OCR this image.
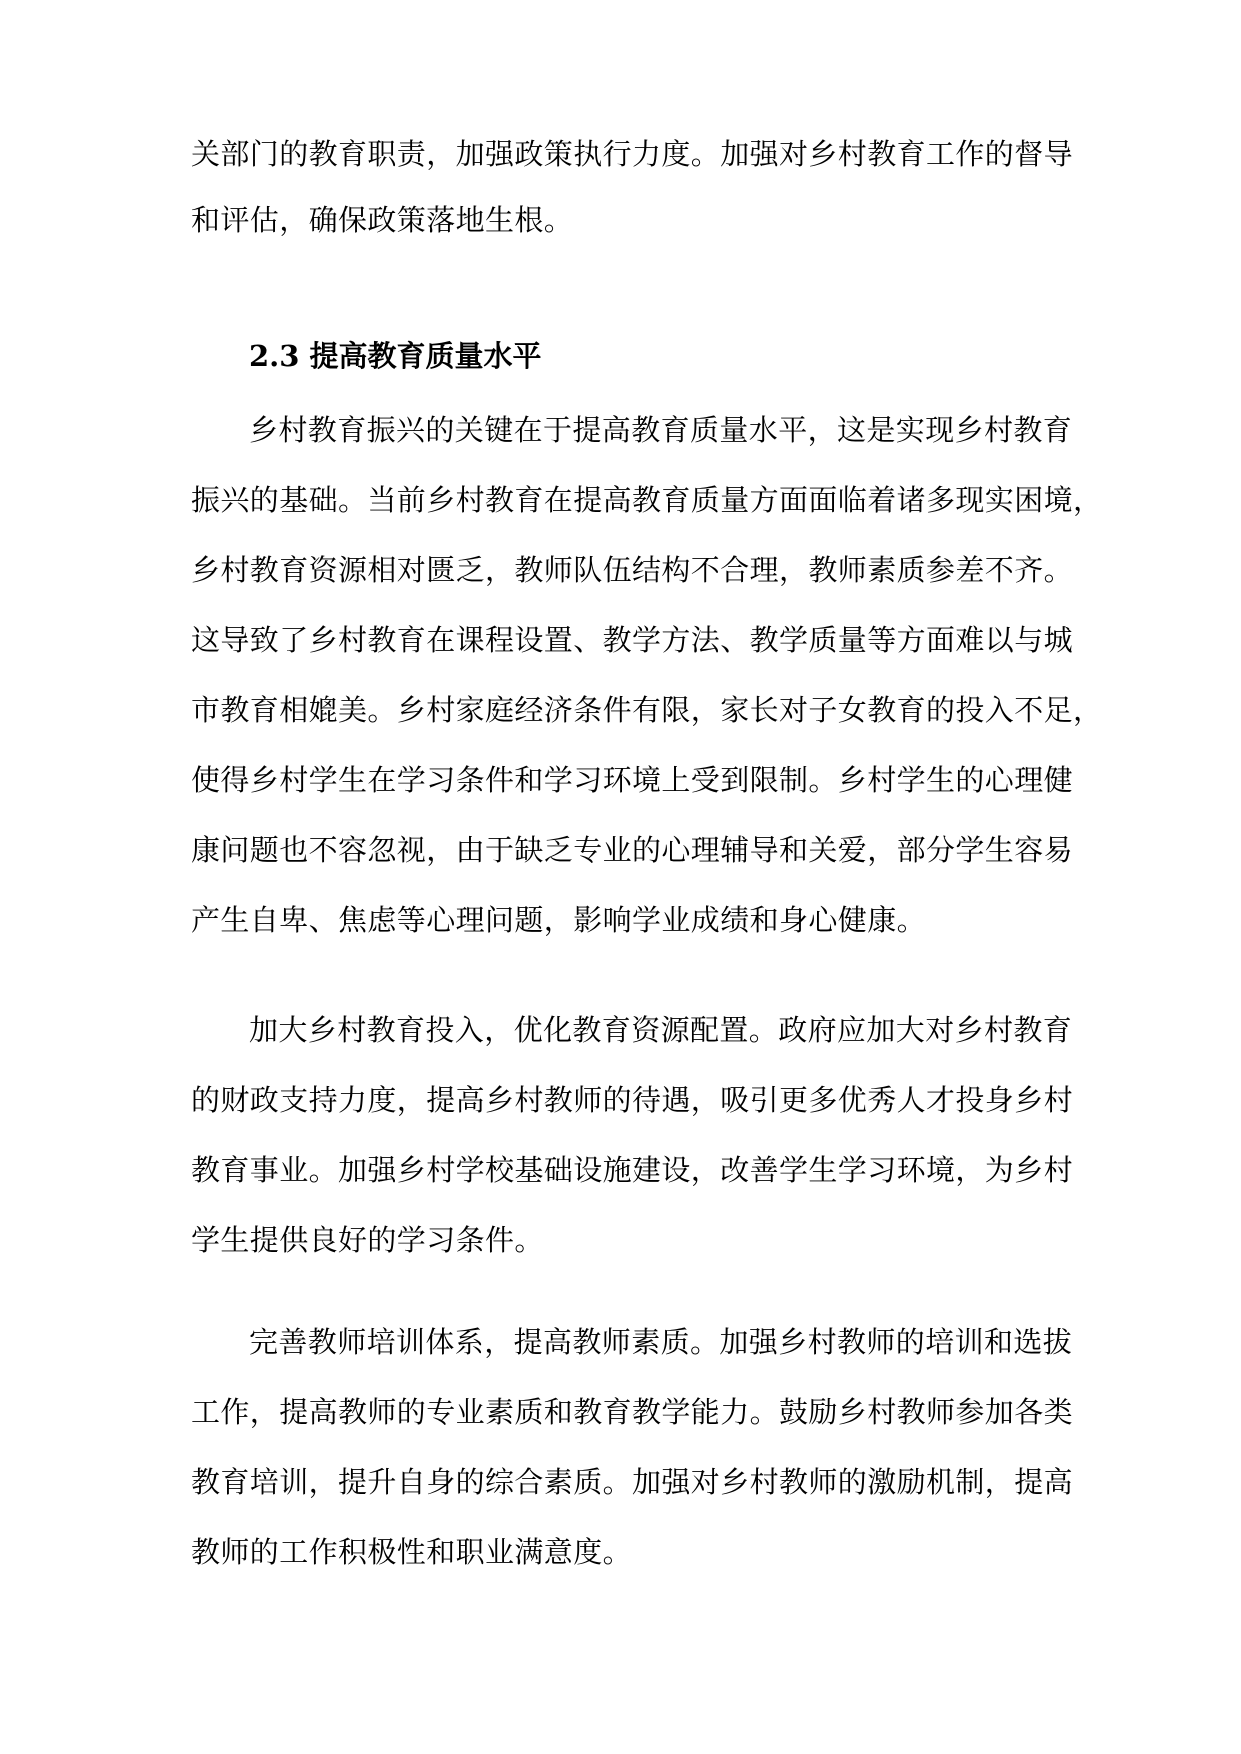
关部门的教育职责，加强政策执行力度。加强对乡村教育工作的督导
和评估，确保政策落地生根。
2.3 提高教育质量水平
乡村教育振兴的关键在于提高教育质量水平，这是实现乡村教育
振兴的基础。当前乡村教育在提高教育质量方面面临着诸多现实困境，
乡村教育资源相对匮乏，教师队伍结构不合理，教师素质参差不齐。
这导致了乡村教育在课程设置、教学方法、教学质量等方面难以与城
市教育相媲美。乡村家庭经济条件有限，家长对子女教育的投入不足，
使得乡村学生在学习条件和学习环境上受到限制。乡村学生的心理健
康问题也不容忽视，由于缺乏专业的心理辅导和关爱，部分学生容易
产生自卑、焦虑等心理问题，影响学业成绩和身心健康。
加大乡村教育投入，优化教育资源配置。政府应加大对乡村教育
的财政支持力度，提高乡村教师的待遇，吸引更多优秀人才投身乡村
教育事业。加强乡村学校基础设施建设，改善学生学习环境，为乡村
学生提供良好的学习条件。
完善教师培训体系，提高教师素质。加强乡村教师的培训和选拔
工作，提高教师的专业素质和教育教学能力。鼓励乡村教师参加各类
教育培训，提升自身的综合素质。加强对乡村教师的激励机制，提高
教师的工作积极性和职业满意度。
